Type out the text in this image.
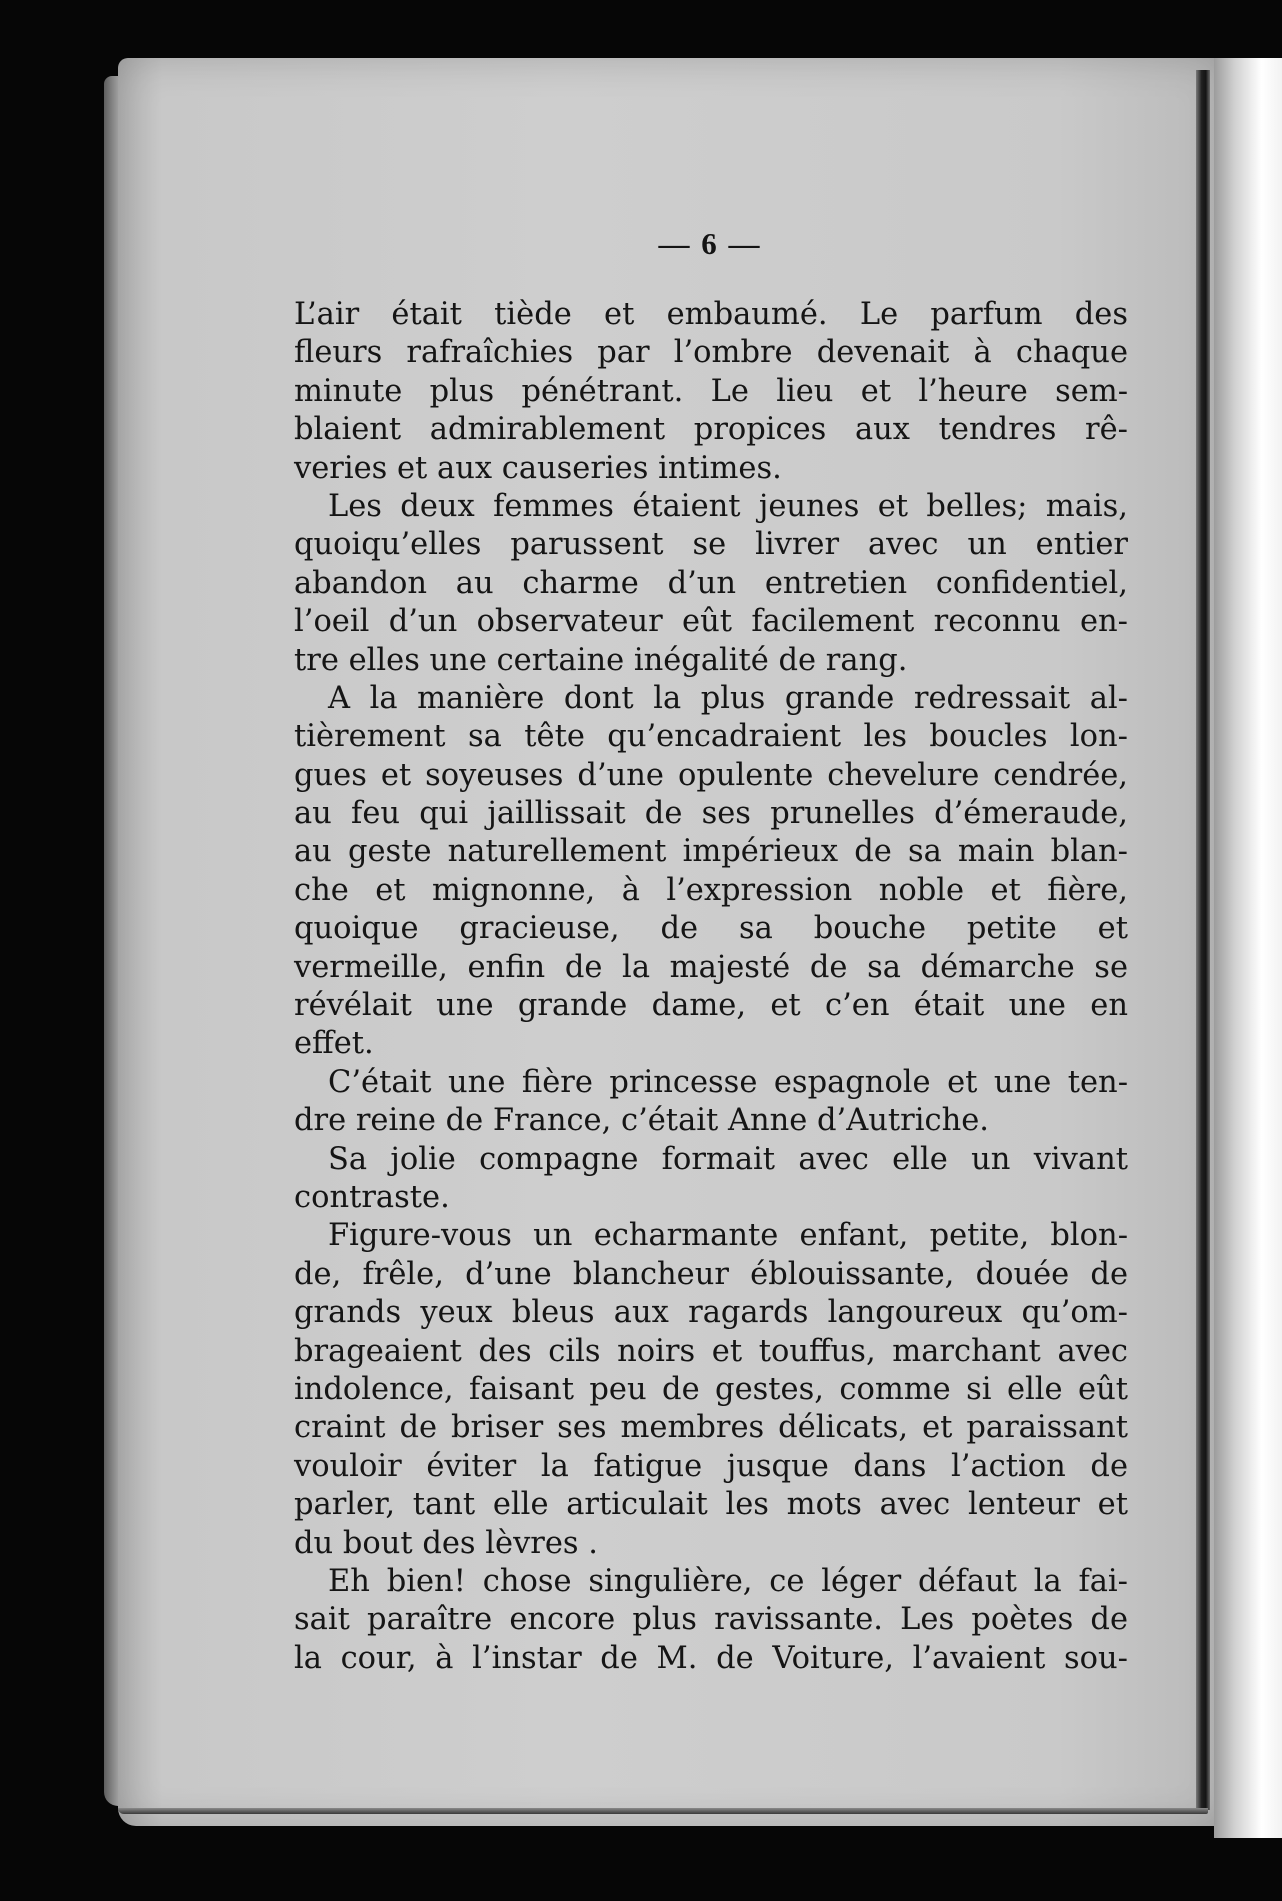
— 6 —
L’air était tiède et embaumé. Le parfum des
fleurs rafraîchies par l’ombre devenait à chaque
minute plus pénétrant. Le lieu et l’heure sem-
blaient admirablement propices aux tendres rê-
veries et aux causeries intimes.
Les deux femmes étaient jeunes et belles; mais,
quoiqu’elles parussent se livrer avec un entier
abandon au charme d’un entretien confidentiel,
l’oeil d’un observateur eût facilement reconnu en-
tre elles une certaine inégalité de rang.
A la manière dont la plus grande redressait al-
tièrement sa tête qu’encadraient les boucles lon-
gues et soyeuses d’une opulente chevelure cendrée,
au feu qui jaillissait de ses prunelles d’émeraude,
au geste naturellement impérieux de sa main blan-
che et mignonne, à l’expression noble et fière,
quoique gracieuse, de sa bouche petite et
vermeille, enfin de la majesté de sa démarche se
révélait une grande dame, et c’en était une en
effet.
C’était une fière princesse espagnole et une ten-
dre reine de France, c’était Anne d’Autriche.
Sa jolie compagne formait avec elle un vivant
contraste.
Figure-vous un echarmante enfant, petite, blon-
de, frêle, d’une blancheur éblouissante, douée de
grands yeux bleus aux ragards langoureux qu’om-
brageaient des cils noirs et touffus, marchant avec
indolence, faisant peu de gestes, comme si elle eût
craint de briser ses membres délicats, et paraissant
vouloir éviter la fatigue jusque dans l’action de
parler, tant elle articulait les mots avec lenteur et
du bout des lèvres .
Eh bien! chose singulière, ce léger défaut la fai-
sait paraître encore plus ravissante. Les poètes de
la cour, à l’instar de M. de Voiture, l’avaient sou-
